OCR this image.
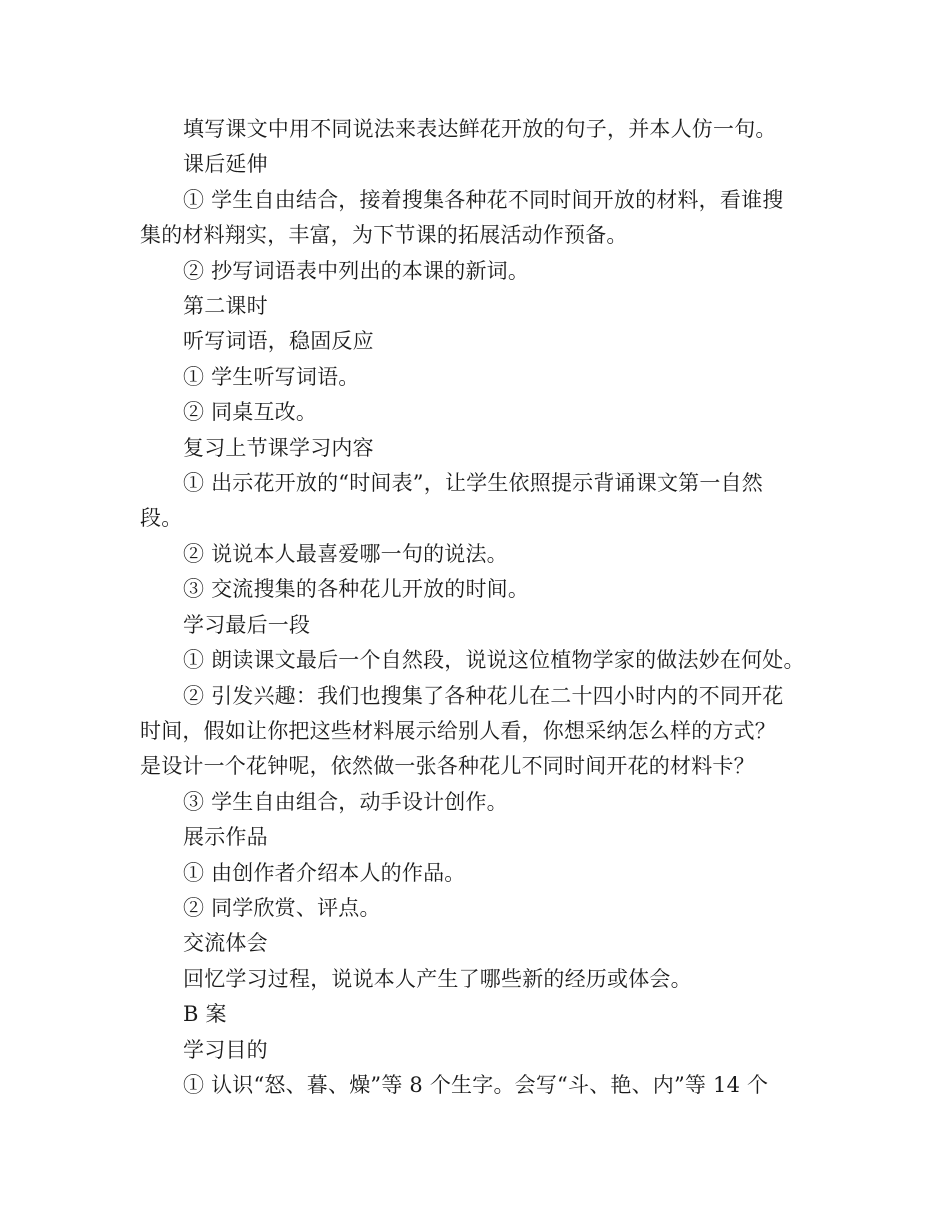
填写课文中用不同说法来表达鲜花开放的句子，并本人仿一句。
课后延伸
① 学生自由结合，接着搜集各种花不同时间开放的材料，看谁搜
集的材料翔实，丰富，为下节课的拓展活动作预备。
② 抄写词语表中列出的本课的新词。
第二课时
听写词语，稳固反应
① 学生听写词语。
② 同桌互改。
复习上节课学习内容
① 出示花开放的“时间表”，让学生依照提示背诵课文第一自然
段。
② 说说本人最喜爱哪一句的说法。
③ 交流搜集的各种花儿开放的时间。
学习最后一段
① 朗读课文最后一个自然段，说说这位植物学家的做法妙在何处。
② 引发兴趣：我们也搜集了各种花儿在二十四小时内的不同开花
时间，假如让你把这些材料展示给别人看，你想采纳怎么样的方式？
是设计一个花钟呢，依然做一张各种花儿不同时间开花的材料卡？
③ 学生自由组合，动手设计创作。
展示作品
① 由创作者介绍本人的作品。
② 同学欣赏、评点。
交流体会
回忆学习过程，说说本人产生了哪些新的经历或体会。
B 案
学习目的
① 认识“怒、暮、燥”等 8 个生字。会写“斗、艳、内”等 14 个
